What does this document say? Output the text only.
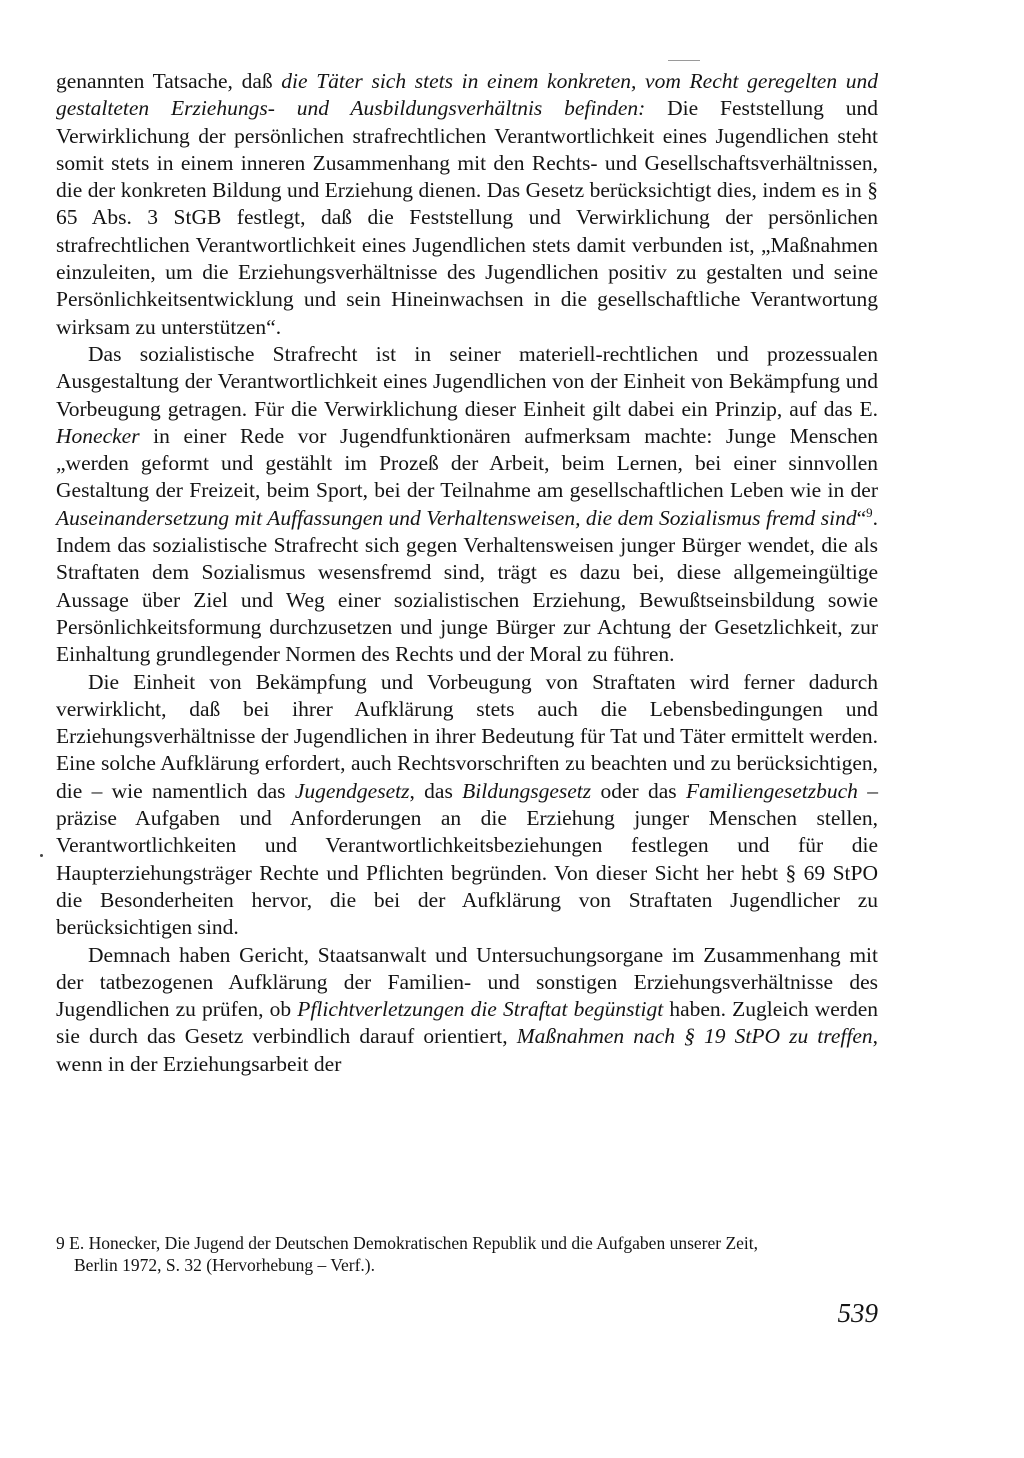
genannten Tatsache, daß die Täter sich stets in einem konkreten, vom Recht geregelten und gestalteten Erziehungs- und Ausbildungsverhältnis befinden: Die Feststellung und Verwirklichung der persönlichen strafrechtlichen Verantwortlichkeit eines Jugendlichen steht somit stets in einem inneren Zusammenhang mit den Rechts- und Gesellschaftsverhältnissen, die der konkreten Bildung und Erziehung dienen. Das Gesetz berücksichtigt dies, indem es in § 65 Abs. 3 StGB festlegt, daß die Feststellung und Verwirklichung der persönlichen strafrechtlichen Verantwortlichkeit eines Jugendlichen stets damit verbunden ist, „Maßnahmen einzuleiten, um die Erziehungsverhältnisse des Jugendlichen positiv zu gestalten und seine Persönlichkeitsentwicklung und sein Hineinwachsen in die gesellschaftliche Verantwortung wirksam zu unterstützen“.

Das sozialistische Strafrecht ist in seiner materiell-rechtlichen und prozessualen Ausgestaltung der Verantwortlichkeit eines Jugendlichen von der Einheit von Bekämpfung und Vorbeugung getragen. Für die Verwirklichung dieser Einheit gilt dabei ein Prinzip, auf das E. Honecker in einer Rede vor Jugendfunktionären aufmerksam machte: Junge Menschen „werden geformt und gestählt im Prozeß der Arbeit, beim Lernen, bei einer sinnvollen Gestaltung der Freizeit, beim Sport, bei der Teilnahme am gesellschaftlichen Leben wie in der Auseinandersetzung mit Auffassungen und Verhaltensweisen, die dem Sozialismus fremd sind“$^9$. Indem das sozialistische Strafrecht sich gegen Verhaltensweisen junger Bürger wendet, die als Straftaten dem Sozialismus wesensfremd sind, trägt es dazu bei, diese allgemeingültige Aussage über Ziel und Weg einer sozialistischen Erziehung, Bewußtseinsbildung sowie Persönlichkeitsformung durchzusetzen und junge Bürger zur Achtung der Gesetzlichkeit, zur Einhaltung grundlegender Normen des Rechts und der Moral zu führen.

Die Einheit von Bekämpfung und Vorbeugung von Straftaten wird ferner dadurch verwirklicht, daß bei ihrer Aufklärung stets auch die Lebensbedingungen und Erziehungsverhältnisse der Jugendlichen in ihrer Bedeutung für Tat und Täter ermittelt werden. Eine solche Aufklärung erfordert, auch Rechtsvorschriften zu beachten und zu berücksichtigen, die – wie namentlich das Jugendgesetz, das Bildungsgesetz oder das Familiengesetzbuch – präzise Aufgaben und Anforderungen an die Erziehung junger Menschen stellen, Verantwortlichkeiten und Verantwortlichkeitsbeziehungen festlegen und für die Haupterziehungsträger Rechte und Pflichten begründen. Von dieser Sicht her hebt § 69 StPO die Besonderheiten hervor, die bei der Aufklärung von Straftaten Jugendlicher zu berücksichtigen sind.

Demnach haben Gericht, Staatsanwalt und Untersuchungsorgane im Zusammenhang mit der tatbezogenen Aufklärung der Familien- und sonstigen Erziehungsverhältnisse des Jugendlichen zu prüfen, ob Pflichtverletzungen die Straftat begünstigt haben. Zugleich werden sie durch das Gesetz verbindlich darauf orientiert, Maßnahmen nach § 19 StPO zu treffen, wenn in der Erziehungsarbeit der

9 E. Honecker, Die Jugend der Deutschen Demokratischen Republik und die Aufgaben unserer Zeit,
Berlin 1972, S. 32 (Hervorhebung – Verf.).
539
